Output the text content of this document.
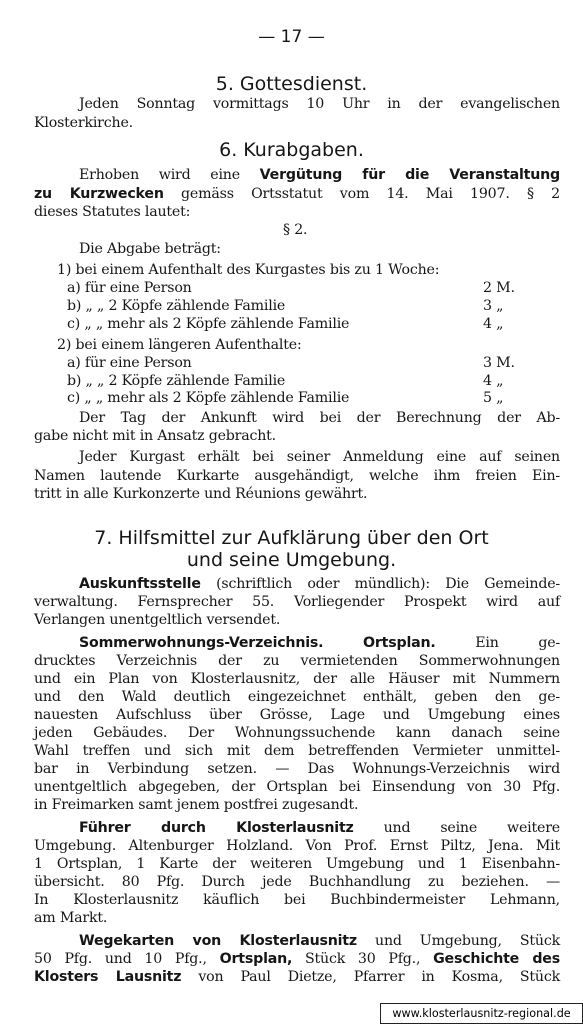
— 17 —
5. Gottesdienst.
Jeden Sonntag vormittags 10 Uhr in der evangelischen
Klosterkirche.
6. Kurabgaben.
Erhoben wird eine Vergütung für die Veranstaltung
zu Kurzwecken gemäss Ortsstatut vom 14. Mai 1907. § 2
dieses Statutes lautet:
§ 2.
Die Abgabe beträgt:
1) bei einem Aufenthalt des Kurgastes bis zu 1 Woche:
a) für eine Person	2 M.
b) „ „ 2 Köpfe zählende Familie	3 „
c) „ „ mehr als 2 Köpfe zählende Familie	4 „
2) bei einem längeren Aufenthalte:
a) für eine Person	3 M.
b) „ „ 2 Köpfe zählende Familie	4 „
c) „ „ mehr als 2 Köpfe zählende Familie	5 „
Der Tag der Ankunft wird bei der Berechnung der Ab-
gabe nicht mit in Ansatz gebracht.
Jeder Kurgast erhält bei seiner Anmeldung eine auf seinen
Namen lautende Kurkarte ausgehändigt, welche ihm freien Ein-
tritt in alle Kurkonzerte und Réunions gewährt.
7. Hilfsmittel zur Aufklärung über den Ort
und seine Umgebung.
Auskunftsstelle (schriftlich oder mündlich): Die Gemeinde-
verwaltung. Fernsprecher 55. Vorliegender Prospekt wird auf
Verlangen unentgeltlich versendet.
Sommerwohnungs-Verzeichnis.	Ortsplan. Ein ge-
drucktes Verzeichnis der zu vermietenden Sommerwohnungen
und ein Plan von Klosterlausnitz, der alle Häuser mit Nummern
und den Wald deutlich eingezeichnet enthält, geben den ge-
nauesten Aufschluss über Grösse, Lage und Umgebung eines
jeden Gebäudes. Der Wohnungssuchende kann danach seine
Wahl treffen und sich mit dem betreffenden Vermieter unmittel-
bar in Verbindung setzen. — Das Wohnungs-Verzeichnis wird
unentgeltlich abgegeben, der Ortsplan bei Einsendung von 30 Pfg.
in Freimarken samt jenem postfrei zugesandt.
Führer durch Klosterlausnitz und seine weitere
Umgebung. Altenburger Holzland. Von Prof. Ernst Piltz, Jena. Mit
1 Ortsplan, 1 Karte der weiteren Umgebung und 1 Eisenbahn-
übersicht. 80 Pfg. Durch jede Buchhandlung zu beziehen. —
In Klosterlausnitz käuflich bei Buchbindermeister Lehmann,
am Markt.
Wegekarten von Klosterlausnitz und Umgebung, Stück
50 Pfg. und 10 Pfg., Ortsplan, Stück 30 Pfg., Geschichte des
Klosters Lausnitz von Paul Dietze, Pfarrer in Kosma, Stück
www.klosterlausnitz-regional.de
